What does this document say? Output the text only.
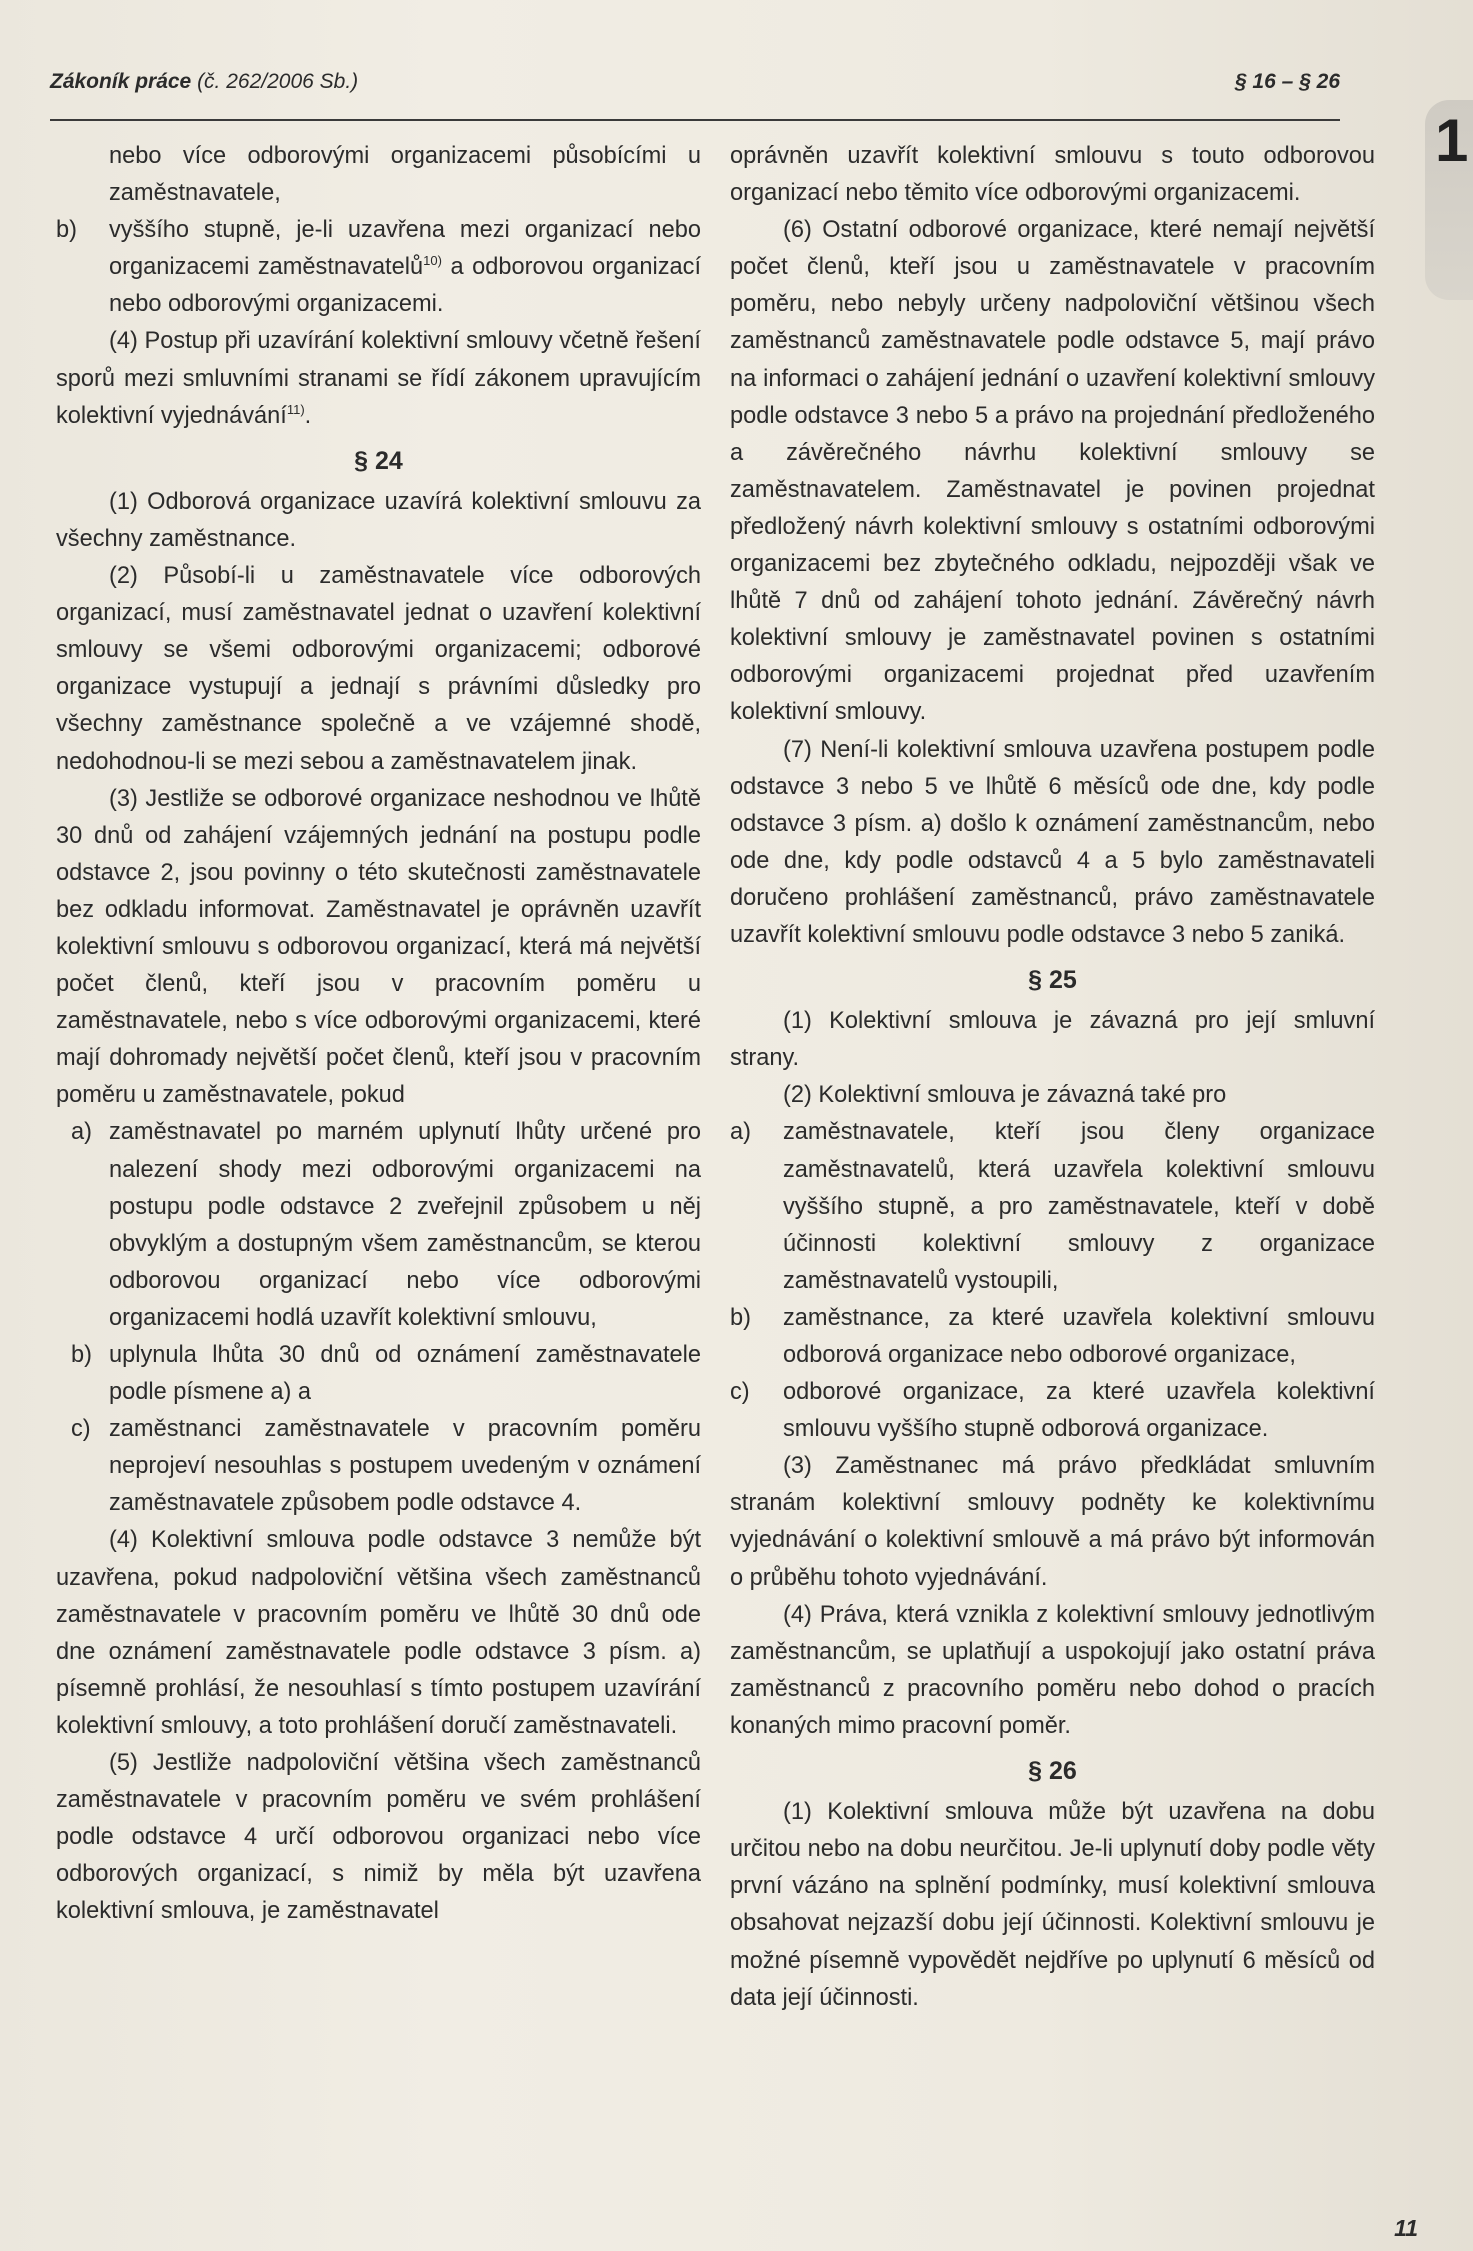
Zákoník práce (č. 262/2006 Sb.)	§ 16 – § 26
1

nebo více odborovými organizacemi působícími u zaměstnavatele,

b)	vyššího stupně, je-li uzavřena mezi organizací nebo organizacemi zaměstnavatelů$^{10)}$ a odborovou organizací nebo odborovými organizacemi.

(4) Postup při uzavírání kolektivní smlouvy včetně řešení sporů mezi smluvními stranami se řídí zákonem upravujícím kolektivní vyjednávání$^{11)}$.

§ 24

(1) Odborová organizace uzavírá kolektivní smlouvu za všechny zaměstnance.

(2) Působí-li u zaměstnavatele více odborových organizací, musí zaměstnavatel jednat o uzavření kolektivní smlouvy se všemi odborovými organizacemi; odborové organizace vystupují a jednají s právními důsledky pro všechny zaměstnance společně a ve vzájemné shodě, nedohodnou-li se mezi sebou a zaměstnavatelem jinak.

(3) Jestliže se odborové organizace neshodnou ve lhůtě 30 dnů od zahájení vzájemných jednání na postupu podle odstavce 2, jsou povinny o této skutečnosti zaměstnavatele bez odkladu informovat. Zaměstnavatel je oprávněn uzavřít kolektivní smlouvu s odborovou organizací, která má největší počet členů, kteří jsou v pracovním poměru u zaměstnavatele, nebo s více odborovými organizacemi, které mají dohromady největší počet členů, kteří jsou v pracovním poměru u zaměstnavatele, pokud

a) zaměstnavatel po marném uplynutí lhůty určené pro nalezení shody mezi odborovými organizacemi na postupu podle odstavce 2 zveřejnil způsobem u něj obvyklým a dostupným všem zaměstnancům, se kterou odborovou organizací nebo více odborovými organizacemi hodlá uzavřít kolektivní smlouvu,
b) uplynula lhůta 30 dnů od oznámení zaměstnavatele podle písmene a) a
c) zaměstnanci zaměstnavatele v pracovním poměru neprojeví nesouhlas s postupem uvedeným v oznámení zaměstnavatele způsobem podle odstavce 4.

(4) Kolektivní smlouva podle odstavce 3 nemůže být uzavřena, pokud nadpoloviční většina všech zaměstnanců zaměstnavatele v pracovním poměru ve lhůtě 30 dnů ode dne oznámení zaměstnavatele podle odstavce 3 písm. a) písemně prohlásí, že nesouhlasí s tímto postupem uzavírání kolektivní smlouvy, a toto prohlášení doručí zaměstnavateli.

(5) Jestliže nadpoloviční většina všech zaměstnanců zaměstnavatele v pracovním poměru ve svém prohlášení podle odstavce 4 určí odborovou organizaci nebo více odborových organizací, s nimiž by měla být uzavřena kolektivní smlouva, je zaměstnavatel

oprávněn uzavřít kolektivní smlouvu s touto odborovou organizací nebo těmito více odborovými organizacemi.

(6) Ostatní odborové organizace, které nemají největší počet členů, kteří jsou u zaměstnavatele v pracovním poměru, nebo nebyly určeny nadpoloviční většinou všech zaměstnanců zaměstnavatele podle odstavce 5, mají právo na informaci o zahájení jednání o uzavření kolektivní smlouvy podle odstavce 3 nebo 5 a právo na projednání předloženého a závěrečného návrhu kolektivní smlouvy se zaměstnavatelem. Zaměstnavatel je povinen projednat předložený návrh kolektivní smlouvy s ostatními odborovými organizacemi bez zbytečného odkladu, nejpozději však ve lhůtě 7 dnů od zahájení tohoto jednání. Závěrečný návrh kolektivní smlouvy je zaměstnavatel povinen s ostatními odborovými organizacemi projednat před uzavřením kolektivní smlouvy.

(7) Není-li kolektivní smlouva uzavřena postupem podle odstavce 3 nebo 5 ve lhůtě 6 měsíců ode dne, kdy podle odstavce 3 písm. a) došlo k oznámení zaměstnancům, nebo ode dne, kdy podle odstavců 4 a 5 bylo zaměstnavateli doručeno prohlášení zaměstnanců, právo zaměstnavatele uzavřít kolektivní smlouvu podle odstavce 3 nebo 5 zaniká.

§ 25

(1) Kolektivní smlouva je závazná pro její smluvní strany.

(2) Kolektivní smlouva je závazná také pro

a)	zaměstnavatele, kteří jsou členy organizace zaměstnavatelů, která uzavřela kolektivní smlouvu vyššího stupně, a pro zaměstnavatele, kteří v době účinnosti kolektivní smlouvy z organizace zaměstnavatelů vystoupili,
b)	zaměstnance, za které uzavřela kolektivní smlouvu odborová organizace nebo odborové organizace,
c)	odborové organizace, za které uzavřela kolektivní smlouvu vyššího stupně odborová organizace.

(3) Zaměstnanec má právo předkládat smluvním stranám kolektivní smlouvy podněty ke kolektivnímu vyjednávání o kolektivní smlouvě a má právo být informován o průběhu tohoto vyjednávání.

(4) Práva, která vznikla z kolektivní smlouvy jednotlivým zaměstnancům, se uplatňují a uspokojují jako ostatní práva zaměstnanců z pracovního poměru nebo dohod o pracích konaných mimo pracovní poměr.

§ 26

(1) Kolektivní smlouva může být uzavřena na dobu určitou nebo na dobu neurčitou. Je-li uplynutí doby podle věty první vázáno na splnění podmínky, musí kolektivní smlouva obsahovat nejzazší dobu její účinnosti. Kolektivní smlouvu je možné písemně vypovědět nejdříve po uplynutí 6 měsíců od data její účinnosti.

11
